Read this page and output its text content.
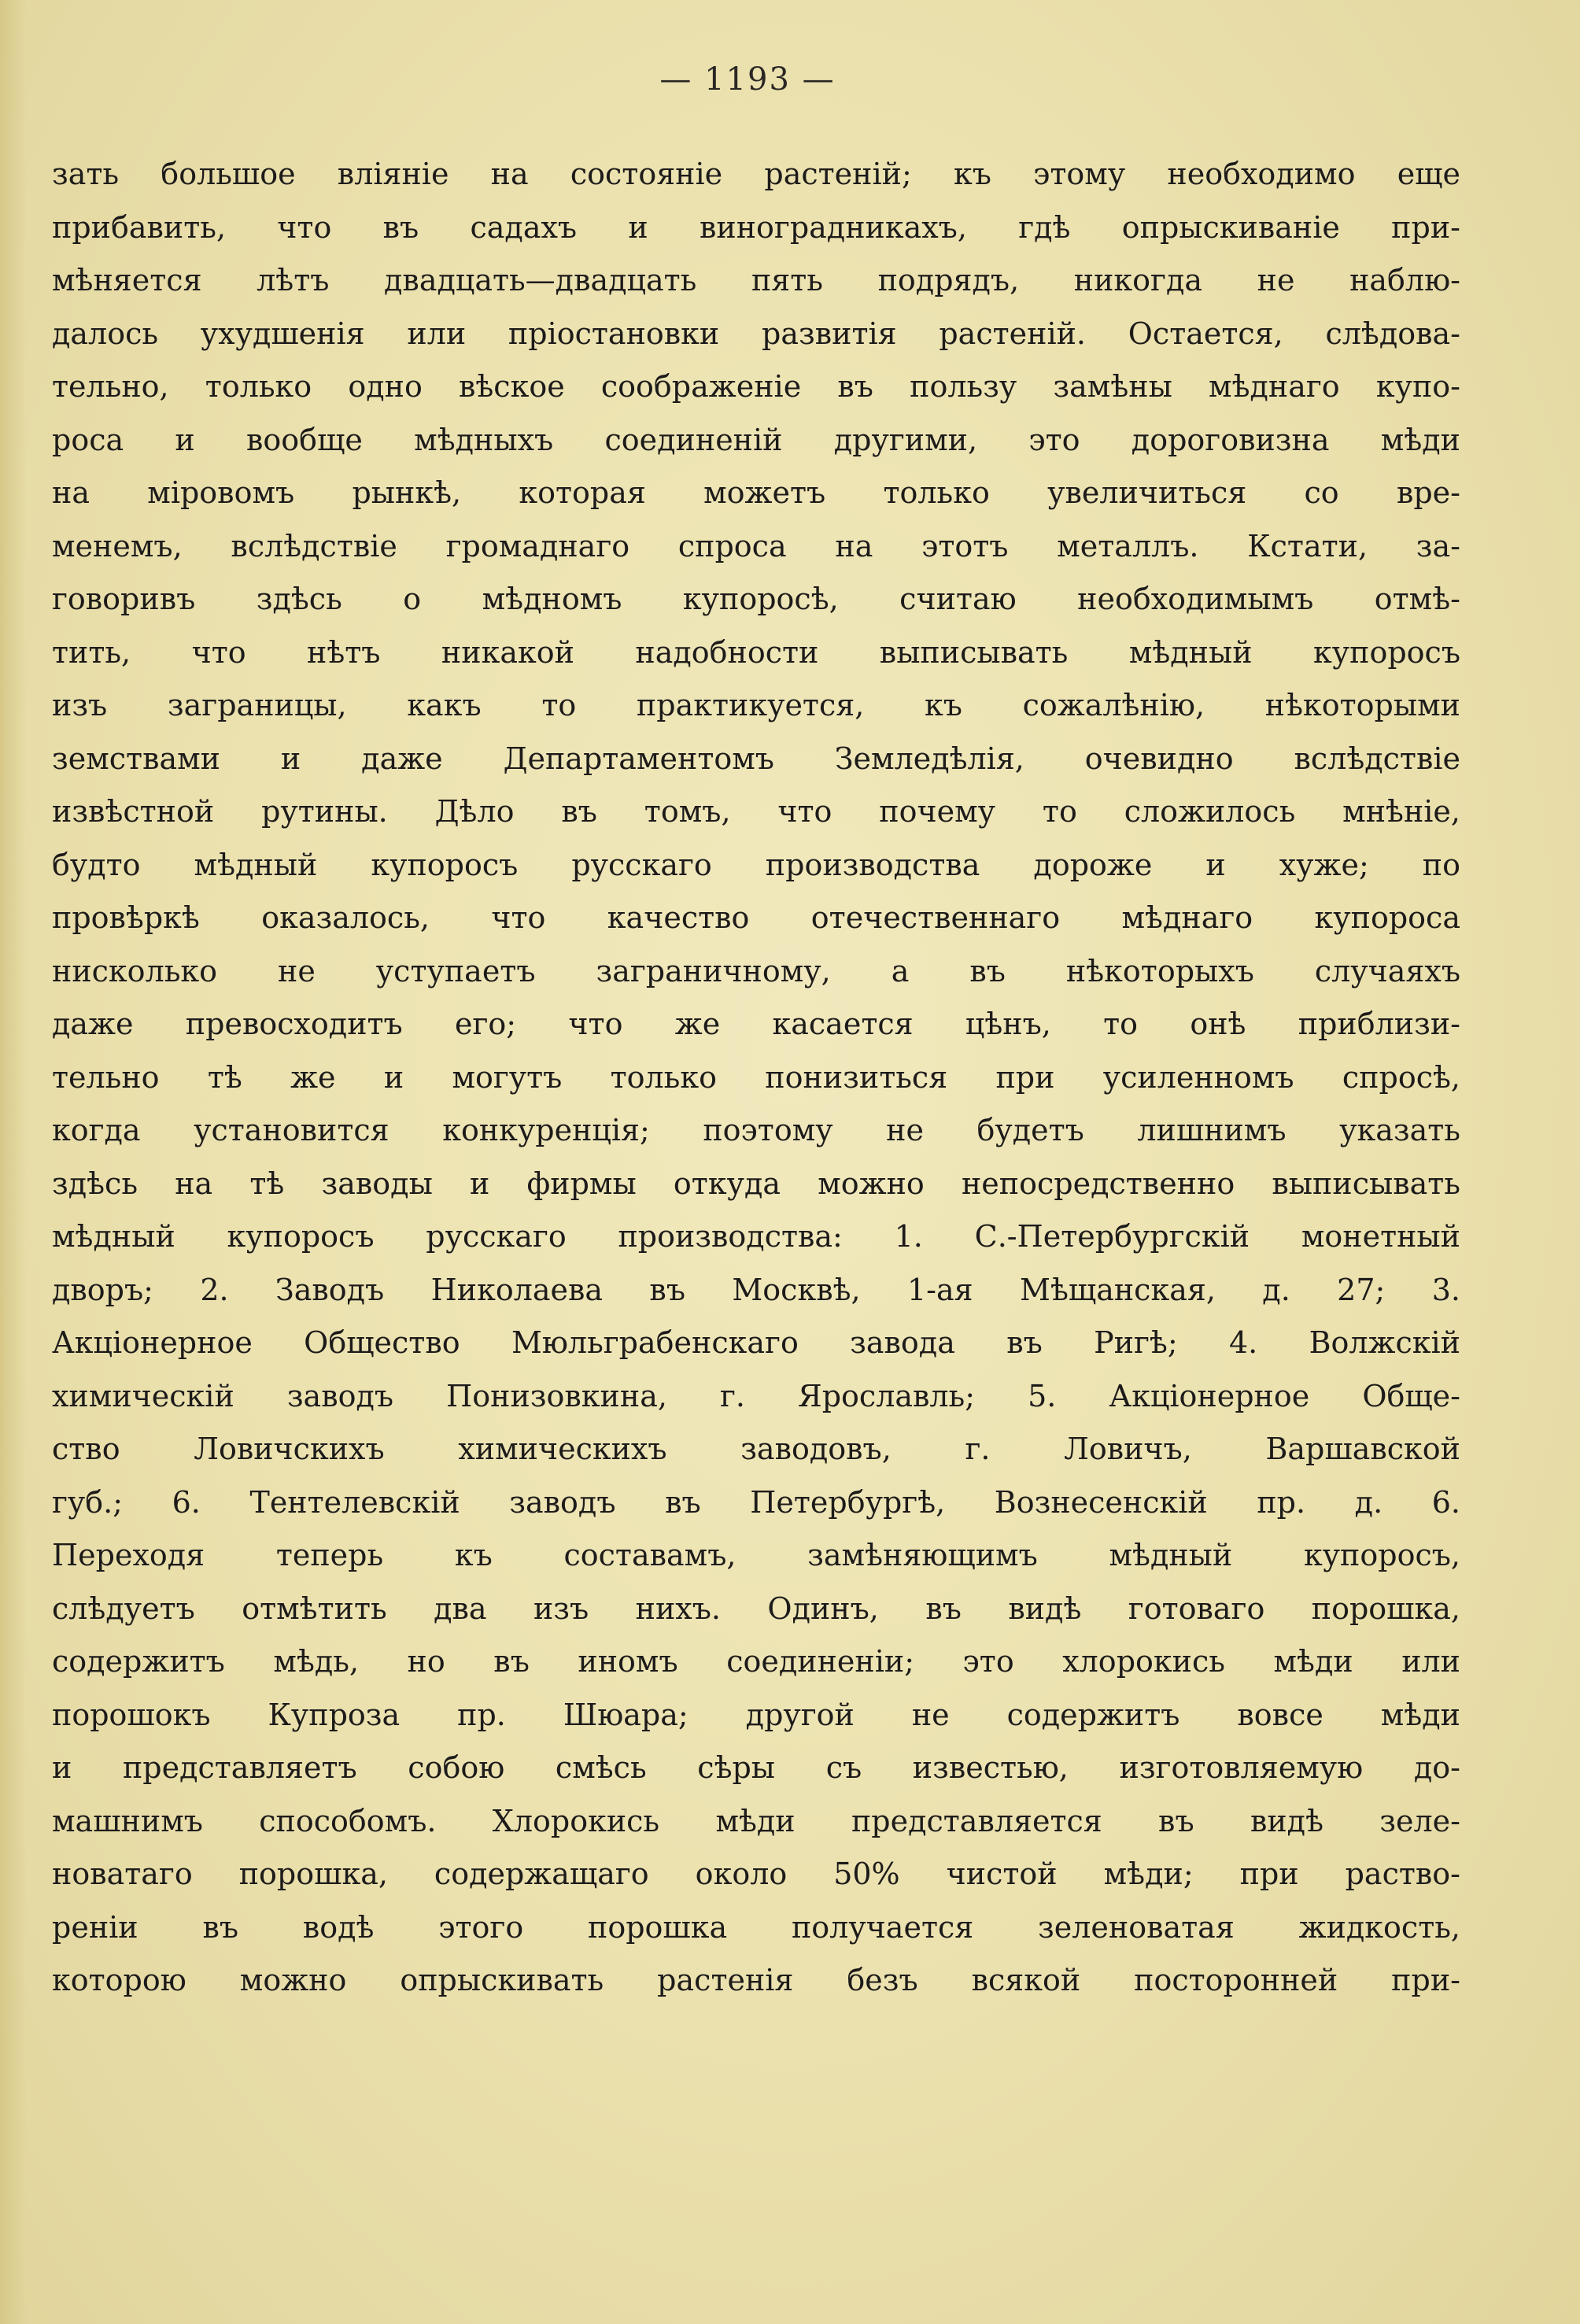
— 1193 —
зать большое вліяніе на состояніе растеній; къ этому необходимо еще
прибавить, что въ садахъ и виноградникахъ, гдѣ опрыскиваніе при-
мѣняется лѣтъ двадцать—двадцать пять подрядъ, никогда не наблю-
далось ухудшенія или пріостановки развитія растеній. Остается, слѣдова-
тельно, только одно вѣское соображеніе въ пользу замѣны мѣднаго купо-
роса и вообще мѣдныхъ соединеній другими, это дороговизна мѣди
на міровомъ рынкѣ, которая можетъ только увеличиться со вре-
менемъ, вслѣдствіе громаднаго спроса на этотъ металлъ. Кстати, за-
говоривъ здѣсь о мѣдномъ купоросѣ, считаю необходимымъ отмѣ-
тить, что нѣтъ никакой надобности выписывать мѣдный купоросъ
изъ заграницы, какъ то практикуется, къ сожалѣнію, нѣкоторыми
земствами и даже Департаментомъ Земледѣлія, очевидно вслѣдствіе
извѣстной рутины. Дѣло въ томъ, что почему то сложилось мнѣніе,
будто мѣдный купоросъ русскаго производства дороже и хуже; по
провѣркѣ оказалось, что качество отечественнаго мѣднаго купороса
нисколько не уступаетъ заграничному, а въ нѣкоторыхъ случаяхъ
даже превосходитъ его; что же касается цѣнъ, то онѣ приблизи-
тельно тѣ же и могутъ только понизиться при усиленномъ спросѣ,
когда установится конкуренція; поэтому не будетъ лишнимъ указать
здѣсь на тѣ заводы и фирмы откуда можно непосредственно выписывать
мѣдный купоросъ русскаго производства: 1. С.-Петербургскій монетный
дворъ; 2. Заводъ Николаева въ Москвѣ, 1-ая Мѣщанская, д. 27; 3.
Акціонерное Общество Мюльграбенскаго завода въ Ригѣ; 4. Волжскій
химическій заводъ Понизовкина, г. Ярославль; 5. Акціонерное Обще-
ство Ловичскихъ химическихъ заводовъ, г. Ловичъ, Варшавской
губ.; 6. Тентелевскій заводъ въ Петербургѣ, Вознесенскій пр. д. 6.
Переходя теперь къ составамъ, замѣняющимъ мѣдный купоросъ,
слѣдуетъ отмѣтить два изъ нихъ. Одинъ, въ видѣ готоваго порошка,
содержитъ мѣдь, но въ иномъ соединеніи; это хлорокись мѣди или
порошокъ Купроза пр. Шюара; другой не содержитъ вовсе мѣди
и представляетъ собою смѣсь сѣры съ известью, изготовляемую до-
машнимъ способомъ. Хлорокись мѣди представляется въ видѣ зеле-
новатаго порошка, содержащаго около 50% чистой мѣди; при раство-
реніи въ водѣ этого порошка получается зеленоватая жидкость,
которою можно опрыскивать растенія безъ всякой посторонней при-
